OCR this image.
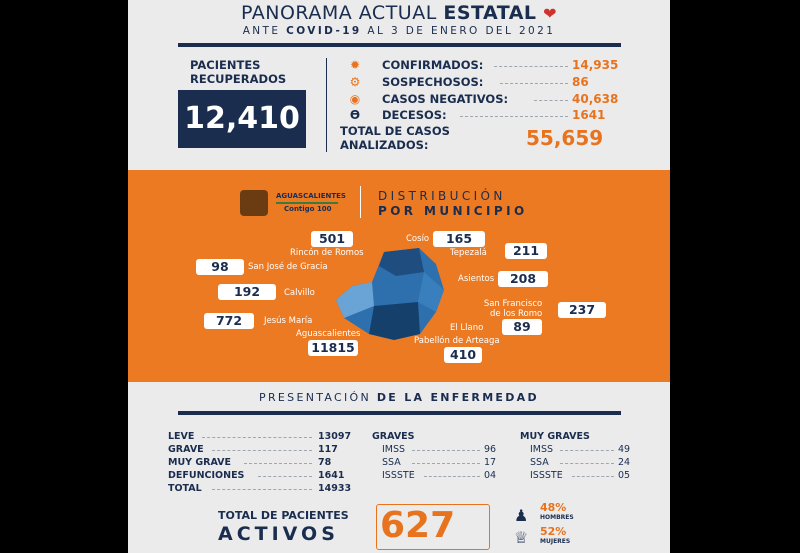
PANORAMA ACTUAL ESTATAL ❤
ANTE COVID-19 AL 3 DE ENERO DEL 2021
PACIENTES
RECUPERADOS
12,410
✹	CONFIRMADOS:	14,935
⚙	SOSPECHOSOS:	86
◉	CASOS NEGATIVOS:	40,638
Ө	DECESOS:	1641
TOTAL DE CASOS
ANALIZADOS:	55,659
AGUASCALIENTES
Contigo 100
DISTRIBUCIÓN
POR MUNICIPIO
501
Rincón de Romos
165
Cosío
211
Tepezalá
98	San José de Gracia
208
Asientos
192	Calvillo
237
San Francisco
de los Romo
772	Jesús María	89
El Llano
Aguascalientes
11815	Pabellón de Arteaga
410
PRESENTACIÓN DE LA ENFERMEDAD
LEVE	13097
GRAVE	117
MUY GRAVE	78
DEFUNCIONES	1641
TOTAL	14933
GRAVES
IMSS	96
SSA	17
ISSSTE	04
MUY GRAVES
IMSS	49
SSA	24
ISSSTE	05
TOTAL DE PACIENTES
ACTIVOS 627	♟ 48%
HOMBRES
♕ 52%
MUJERES
